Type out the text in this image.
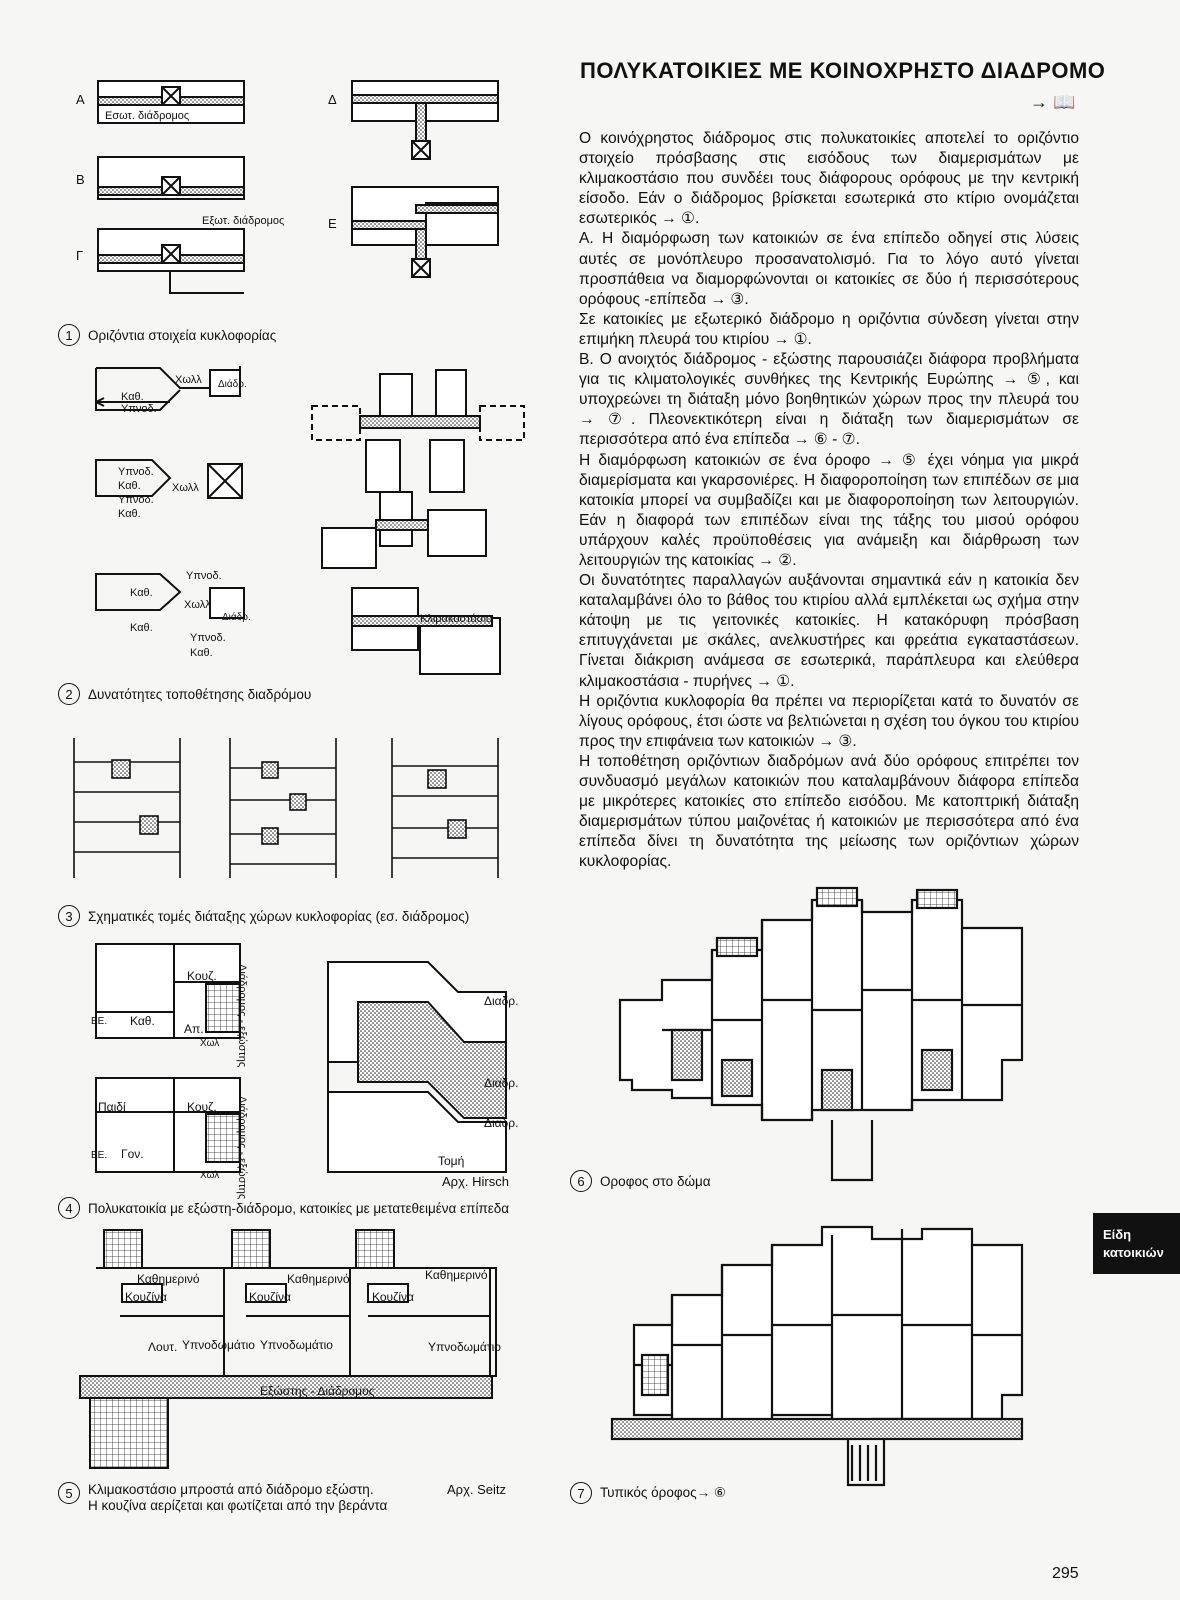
ΠΟΛΥΚΑΤΟΙΚΙΕΣ ΜΕ ΚΟΙΝΟΧΡΗΣΤΟ ΔΙΑΔΡΟΜΟ
→ 📖

Ο κοινόχρηστος διάδρομος στις πολυκατοικίες αποτελεί το οριζόντιο στοιχείο πρόσβασης στις εισόδους των διαμερισμάτων με κλιμακοστάσιο που συνδέει τους διάφορους ορόφους με την κεντρική είσοδο. Εάν ο διάδρομος βρίσκεται εσωτερικά στο κτίριο ονομάζεται εσωτερικός → ①.

Α. Η διαμόρφωση των κατοικιών σε ένα επίπεδο οδηγεί στις λύσεις αυτές σε μονόπλευρο προσανατολισμό. Για το λόγο αυτό γίνεται προσπάθεια να διαμορφώνονται οι κατοικίες σε δύο ή περισσότερους ορόφους -επίπεδα → ③.

Σε κατοικίες με εξωτερικό διάδρομο η οριζόντια σύνδεση γίνεται στην επιμήκη πλευρά του κτιρίου → ①.

Β. Ο ανοιχτός διάδρομος - εξώστης παρουσιάζει διάφορα προβλήματα για τις κλιματολογικές συνθήκες της Κεντρικής Ευρώπης → ⑤, και υποχρεώνει τη διάταξη μόνο βοηθητικών χώρων προς την πλευρά του → ⑦. Πλεονεκτικότερη είναι η διάταξη των διαμερισμάτων σε περισσότερα από ένα επίπεδα → ⑥ - ⑦.

Η διαμόρφωση κατοικιών σε ένα όροφο → ⑤ έχει νόημα για μικρά διαμερίσματα και γκαρσονιέρες. Η διαφοροποίηση των επιπέδων σε μια κατοικία μπορεί να συμβαδίζει και με διαφοροποίηση των λειτουργιών. Εάν η διαφορά των επιπέδων είναι της τάξης του μισού ορόφου υπάρχουν καλές προϋποθέσεις για ανάμειξη και διάρθρωση των λειτουργιών της κατοικίας → ②.

Οι δυνατότητες παραλλαγών αυξάνονται σημαντικά εάν η κατοικία δεν καταλαμβάνει όλο το βάθος του κτιρίου αλλά εμπλέκεται ως σχήμα στην κάτοψη με τις γειτονικές κατοικίες. Η κατακόρυφη πρόσβαση επιτυγχάνεται με σκάλες, ανελκυστήρες και φρεάτια εγκαταστάσεων. Γίνεται διάκριση ανάμεσα σε εσωτερικά, παράπλευρα και ελεύθερα κλιμακοστάσια - πυρήνες → ①.

Η οριζόντια κυκλοφορία θα πρέπει να περιορίζεται κατά το δυνατόν σε λίγους ορόφους, έτσι ώστε να βελτιώνεται η σχέση του όγκου του κτιρίου προς την επιφάνεια των κατοικιών → ③.

Η τοποθέτηση οριζόντιων διαδρόμων ανά δύο ορόφους επιτρέπει τον συνδυασμό μεγάλων κατοικιών που καταλαμβάνουν διάφορα επίπεδα με μικρότερες κατοικίες στο επίπεδο εισόδου. Με κατοπτρική διάταξη διαμερισμάτων τύπου μαιζονέτας ή κατοικιών με περισσότερα από ένα επίπεδα δίνει τη δυνατότητα της μείωσης των οριζόντιων χώρων κυκλοφορίας.

Α
Β
Γ
Δ
Ε
Εσωτ. διάδρομος
Εξωτ. διάδρομος
1	Οριζόντια στοιχεία κυκλοφορίας
Καθ.
Υπνοδ.
Χωλλ Διάδρ.
Υπνοδ.
Καθ.
Υπνοδ.
Καθ.
Χωλλ
Υπνοδ.
Καθ.
Καθ.
Χωλλ
Διάδρ.
Καθ.
Υπνοδ.
Κλιμακοστάσιο
2	Δυνατότητες τοποθέτησης διαδρόμου
3	Σχηματικές τομές διάταξης χώρων κυκλοφορίας (εσ. διάδρομος)
Κουζ.
Καθ.
Απ.
Χωλ
ΕΕ.	Διάδρομος - εξώστης
Παιδί	Κουζ.
Γον.
Χωλ
ΕΕ.	Διάδρομος - εξώστης
Διαδρ.
Διαδρ.
Διαδρ.
Τομή
Αρχ. Hirsch
4	Πολυκατοικία με εξώστη-διάδρομο, κατοικίες με μετατεθειμένα επίπεδα
Καθημερινό	Καθημερινό	Καθημερινό
Κουζίνα	Κουζίνα	Κουζίνα
Λουτ. Υπνοδωμάτιο Υπνοδωμάτιο	Υπνοδωμάτιο
Εξώστης - Διάδρομος
Αρχ. Seitz
5	Κλιμακοστάσιο μπροστά από διάδρομο εξώστη.
Η κουζίνα αερίζεται και φωτίζεται από την βεράντα
6	Οροφος στο δώμα
7	Τυπικός όροφος→ ⑥
Είδη
κατοικιών
295
